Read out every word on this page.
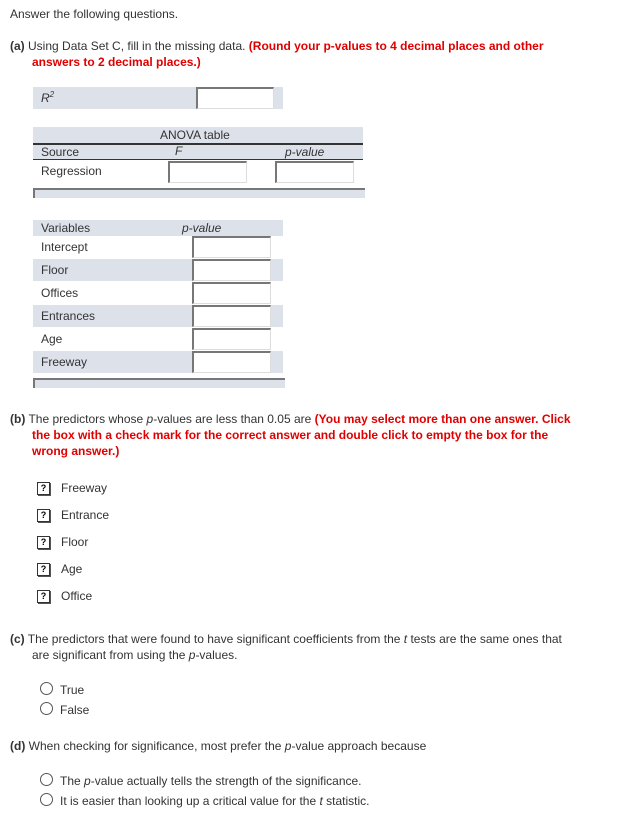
Answer the following questions.
(a) Using Data Set C, fill in the missing data. (Round your p-values to 4 decimal places and other
answers to 2 decimal places.)
$R^2$
ANOVA table
Source	F	p-value
Regression
Variables	p-value
Intercept
Floor
Offices
Entrances
Age
Freeway
(b) The predictors whose p-values are less than 0.05 are (You may select more than one answer. Click
the box with a check mark for the correct answer and double click to empty the box for the
wrong answer.)
?	Freeway
?	Entrance
?	Floor
?	Age
?	Office
(c) The predictors that were found to have significant coefficients from the t tests are the same ones that
are significant from using the p-values.
True
False
(d) When checking for significance, most prefer the p-value approach because
The p-value actually tells the strength of the significance.
It is easier than looking up a critical value for the t statistic.
